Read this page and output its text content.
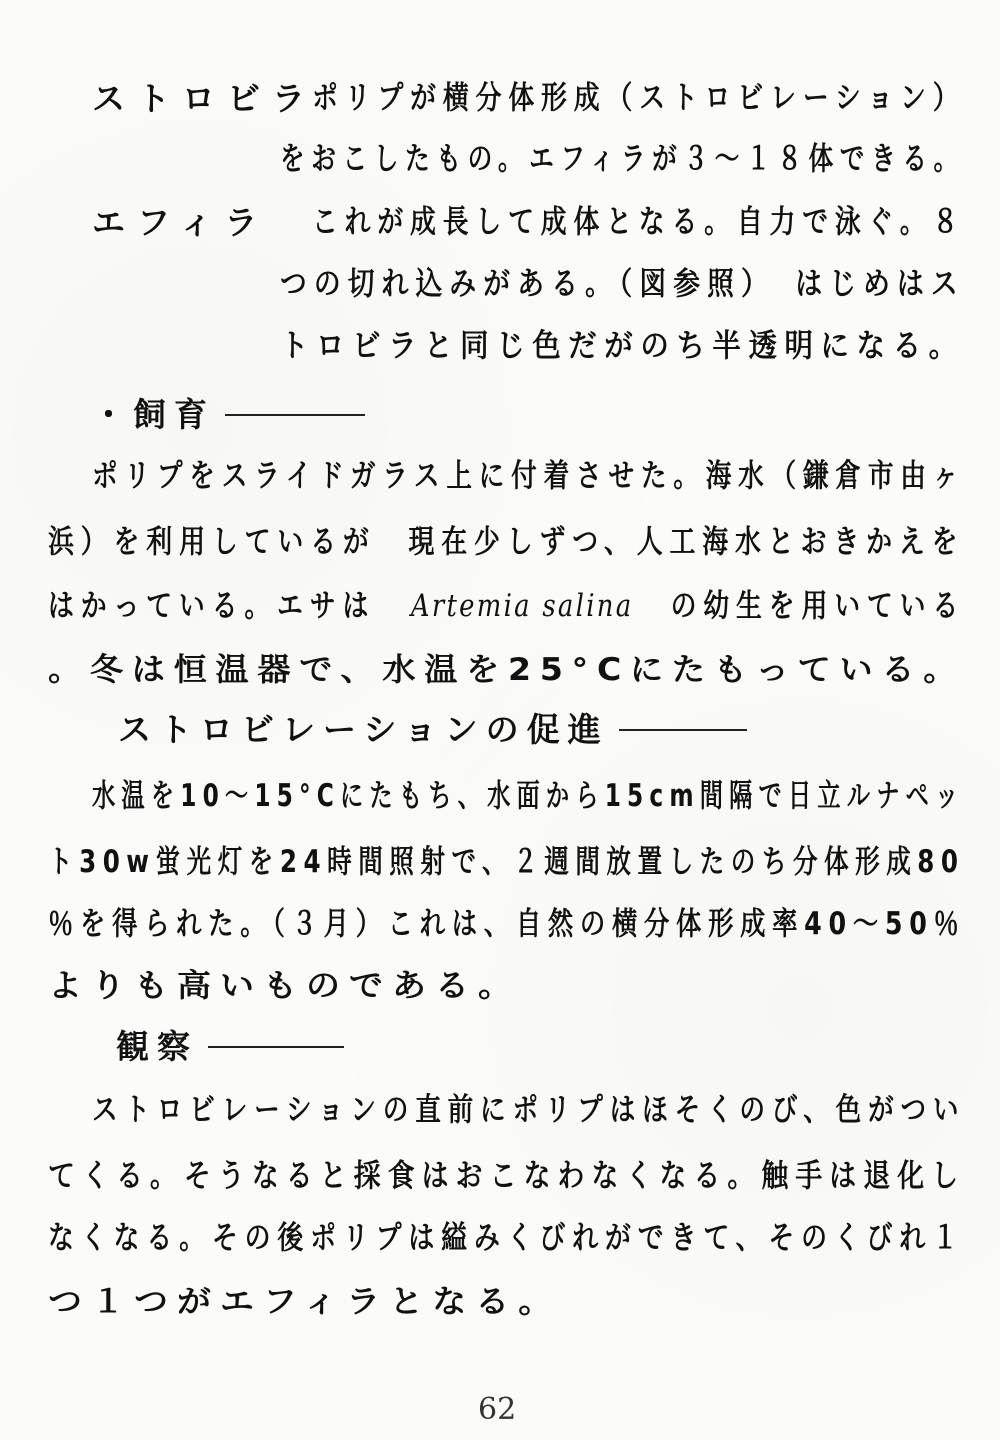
ストロビラ
ポリプが横分体形成（ストロビレーション）
をおこしたもの。エフィラが３〜１８体できる。
エフィラ これが成長して成体となる。自力で泳ぐ。８
つの切れ込みがある。（図参照）　はじめはス
トロビラと同じ色だがのち半透明になる。
・飼育
ポリプをスライドガラス上に付着させた。海水（鎌倉市由ヶ
浜）を利用しているが　現在少しずつ、人工海水とおきかえを
はかっている。エサは Artemia salina の幼生を用いている
。冬は恒温器で、水温を25°Cにたもっている。
ストロビレーションの促進
水温を10〜15°Cにたもち、水面から15cm間隔で日立ルナペッ
ト30w蛍光灯を24時間照射で、２週間放置したのち分体形成80
％を得られた。（３月）これは、自然の横分体形成率40〜50％
よりも高いものである。
観察
ストロビレーションの直前にポリプはほそくのび、色がつい
てくる。そうなると採食はおこなわなくなる。触手は退化し
なくなる。その後ポリプは縊みくびれができて、そのくびれ１
つ１つがエフィラとなる。
62
